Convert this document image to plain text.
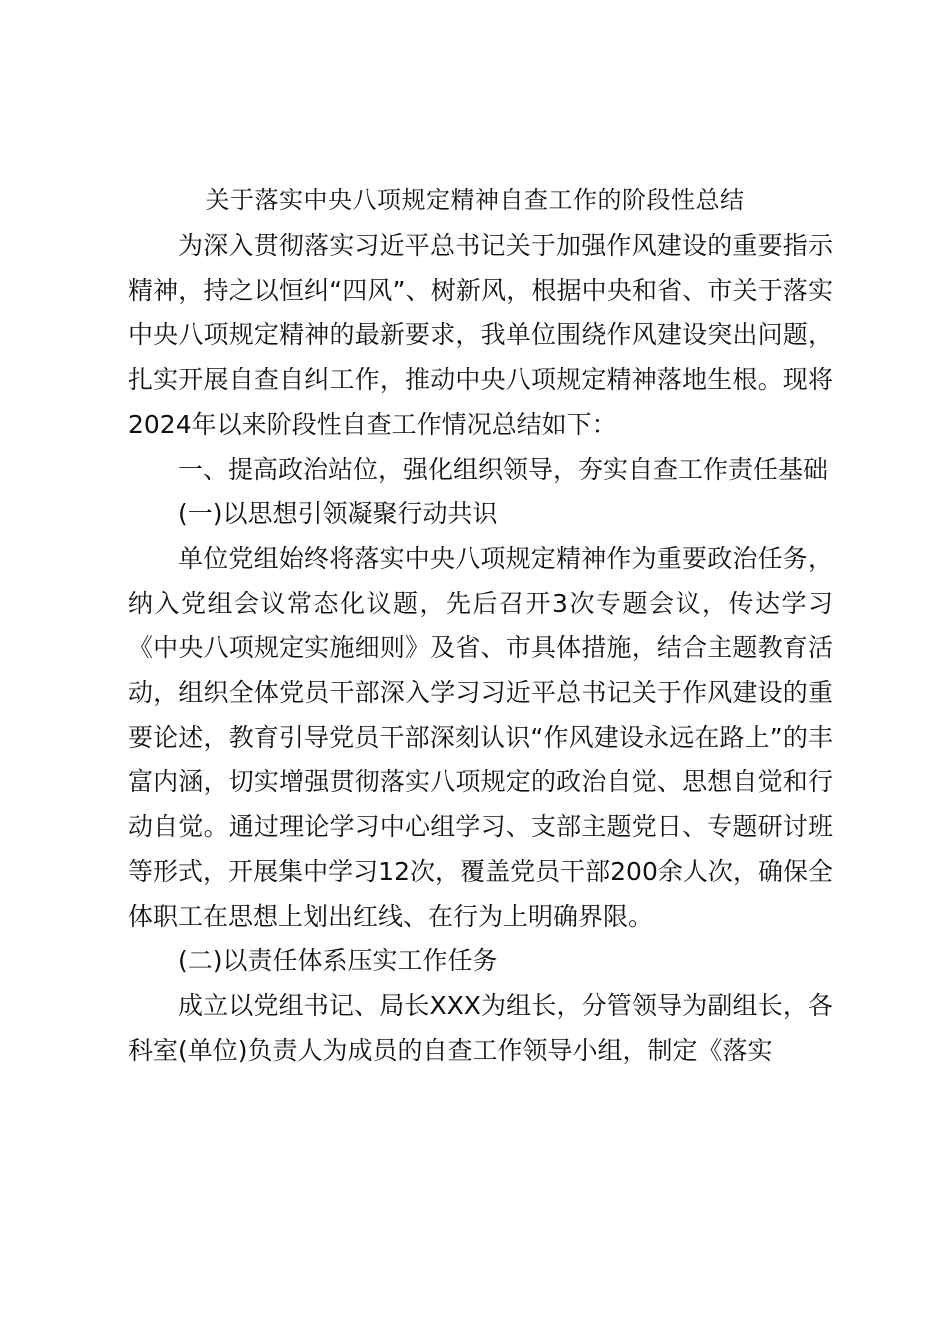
关于落实中央八项规定精神自查工作的阶段性总结

为深入贯彻落实习近平总书记关于加强作风建设的重要指示精神，持之以恒纠“四风”、树新风，根据中央和省、市关于落实中央八项规定精神的最新要求，我单位围绕作风建设突出问题，扎实开展自查自纠工作，推动中央八项规定精神落地生根。现将2024年以来阶段性自查工作情况总结如下：

一、提高政治站位，强化组织领导，夯实自查工作责任基础

(一)以思想引领凝聚行动共识

单位党组始终将落实中央八项规定精神作为重要政治任务，纳入党组会议常态化议题，先后召开3次专题会议，传达学习《中央八项规定实施细则》及省、市具体措施，结合主题教育活动，组织全体党员干部深入学习习近平总书记关于作风建设的重要论述，教育引导党员干部深刻认识“作风建设永远在路上”的丰富内涵，切实增强贯彻落实八项规定的政治自觉、思想自觉和行动自觉。通过理论学习中心组学习、支部主题党日、专题研讨班等形式，开展集中学习12次，覆盖党员干部200余人次，确保全体职工在思想上划出红线、在行为上明确界限。

(二)以责任体系压实工作任务

成立以党组书记、局长XXX为组长，分管领导为副组长，各科室(单位)负责人为成员的自查工作领导小组，制定《落实
